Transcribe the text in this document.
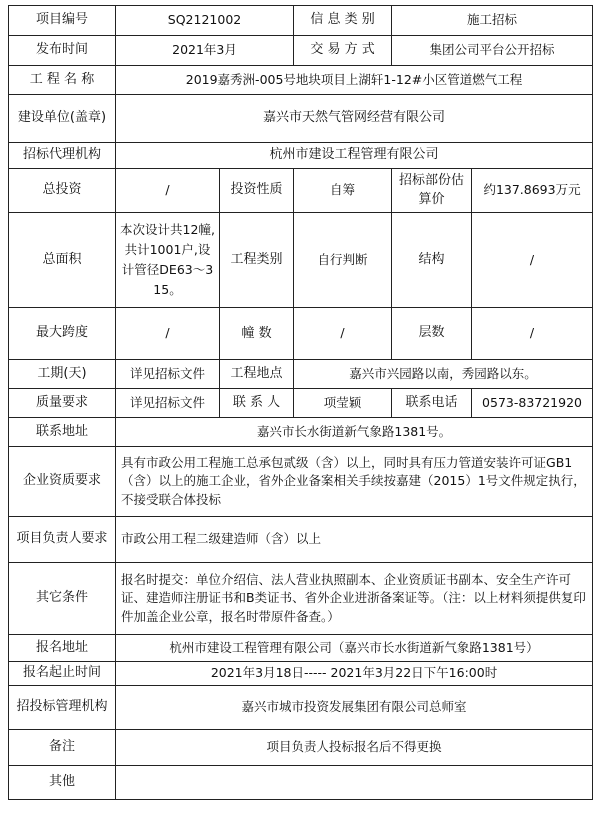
项目编号	SQ2121002		信 息 类 别	施工招标	
发布时间	2021年3月		交 易 方 式	集团公司平台公开招标	
工 程 名 称	2019嘉秀洲-005号地块项目上湖轩1-12#小区管道燃气工程				
建设单位(盖章)	嘉兴市天然气管网经营有限公司				
招标代理机构	杭州市建设工程管理有限公司				
总投资	/	投资性质	自筹	招标部份估算价	约137.8693万元
总面积	本次设计共12幢,共计1001户,设计管径DE63～315。	工程类别	自行判断	结构	/
最大跨度	/	幢 数	/	层数	/
工期(天)	详见招标文件	工程地点	嘉兴市兴园路以南，秀园路以东。		
质量要求	详见招标文件	联 系 人	项莹颖	联系电话	0573-83721920
联系地址	嘉兴市长水街道新气象路1381号。				
企业资质要求	具有市政公用工程施工总承包贰级（含）以上，同时具有压力管道安装许可证GB1（含）以上的施工企业，省外企业备案相关手续按嘉建（2015）1号文件规定执行，不接受联合体投标				
项目负责人要求	市政公用工程二级建造师（含）以上				
其它条件	报名时提交：单位介绍信、法人营业执照副本、企业资质证书副本、安全生产许可证、建造师注册证书和B类证书、省外企业进浙备案证等。（注：以上材料须提供复印件加盖企业公章，报名时带原件备查。）				
报名地址	杭州市建设工程管理有限公司（嘉兴市长水街道新气象路1381号）				
报名起止时间	2021年3月18日----- 2021年3月22日下午16:00时				
招投标管理机构	嘉兴市城市投资发展集团有限公司总师室				
备注	项目负责人投标报名后不得更换				
其他					
